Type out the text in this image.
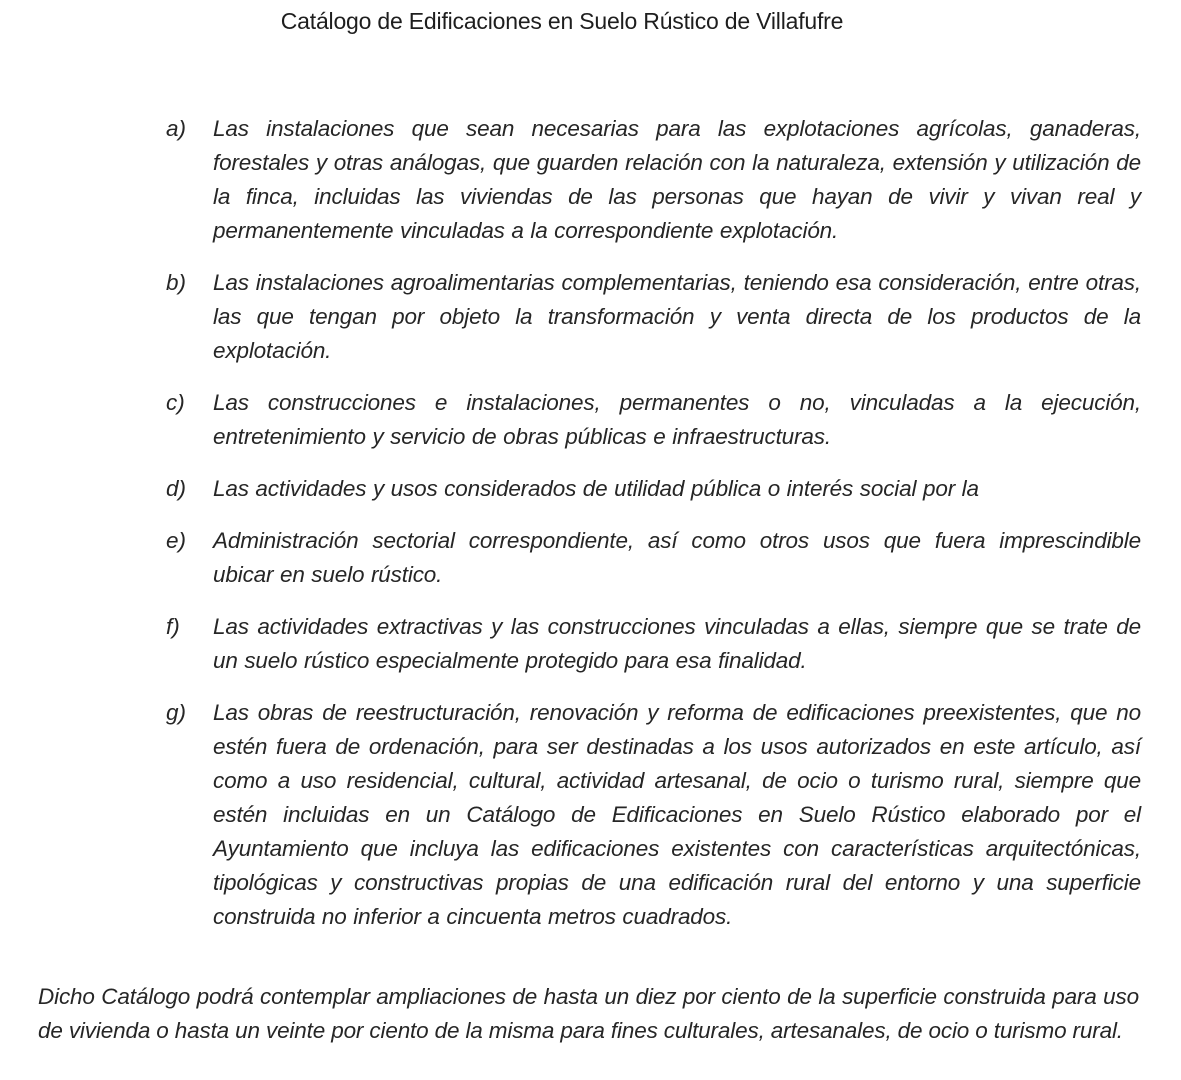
Catálogo de Edificaciones en Suelo Rústico de Villafufre
a)	Las instalaciones que sean necesarias para las explotaciones agrícolas, ganaderas, forestales y otras análogas, que guarden relación con la naturaleza, extensión y utilización de la finca, incluidas las viviendas de las personas que hayan de vivir y vivan real y permanentemente vinculadas a la correspondiente explotación.
b)	Las instalaciones agroalimentarias complementarias, teniendo esa consideración, entre otras, las que tengan por objeto la transformación y venta directa de los productos de la explotación.
c)	Las construcciones e instalaciones, permanentes o no, vinculadas a la ejecución, entretenimiento y servicio de obras públicas e infraestructuras.
d)	Las actividades y usos considerados de utilidad pública o interés social por la
e)	Administración sectorial correspondiente, así como otros usos que fuera imprescindible ubicar en suelo rústico.
f)	Las actividades extractivas y las construcciones vinculadas a ellas, siempre que se trate de un suelo rústico especialmente protegido para esa finalidad.
g)	Las obras de reestructuración, renovación y reforma de edificaciones preexistentes, que no estén fuera de ordenación, para ser destinadas a los usos autorizados en este artículo, así como a uso residencial, cultural, actividad artesanal, de ocio o turismo rural, siempre que estén incluidas en un Catálogo de Edificaciones en Suelo Rústico elaborado por el Ayuntamiento que incluya las edificaciones existentes con características arquitectónicas, tipológicas y constructivas propias de una edificación rural del entorno y una superficie construida no inferior a cincuenta metros cuadrados.

Dicho Catálogo podrá contemplar ampliaciones de hasta un diez por ciento de la superficie construida para uso de vivienda o hasta un veinte por ciento de la misma para fines culturales, artesanales, de ocio o turismo rural.
